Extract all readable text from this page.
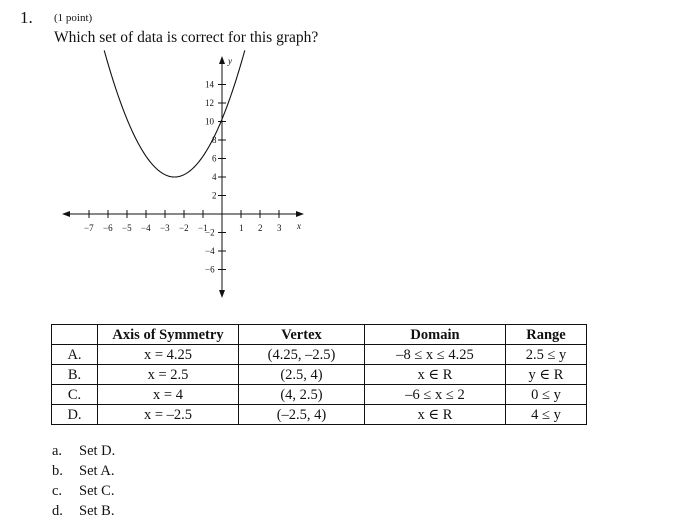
1. (1 point)
Which set of data is correct for this graph?
−7 −6 −5 −4 −3 −2 −1	1 2 3
14
12
10
8
6
4
2
−2
−4
−6
x
y
	Axis of Symmetry	Vertex	Domain	Range
A.	x = 4.25	(4.25, –2.5)	–8 ≤ x ≤ 4.25	2.5 ≤ y
B.	x = 2.5	(2.5, 4)	x ∈ R	y ∈ R
C.	x = 4	(4, 2.5)	–6 ≤ x ≤ 2	0 ≤ y
D.	x = –2.5	(–2.5, 4)	x ∈ R	4 ≤ y
a.	Set D.
b.	Set A.
c.	Set C.
d.	Set B.
